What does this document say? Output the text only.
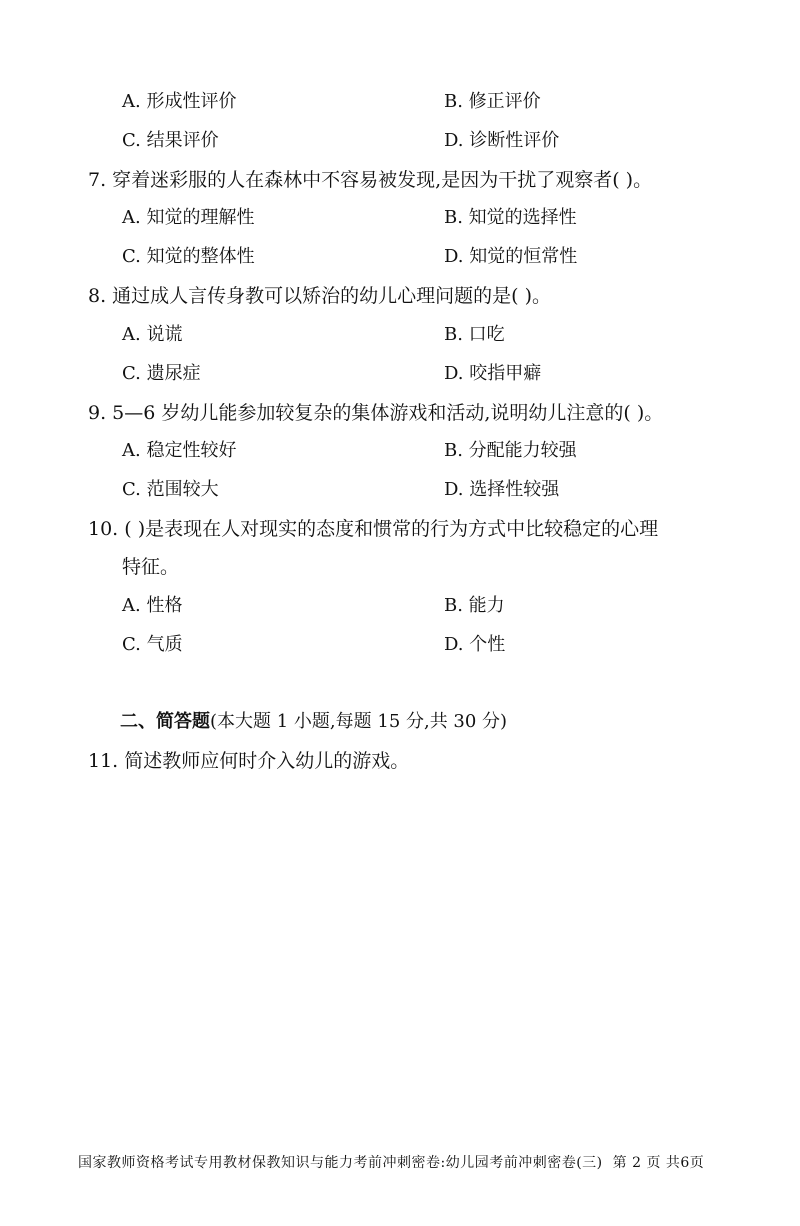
A. 形成性评价	B. 修正评价
C. 结果评价	D. 诊断性评价
7. 穿着迷彩服的人在森林中不容易被发现,是因为干扰了观察者( )。
A. 知觉的理解性	B. 知觉的选择性
C. 知觉的整体性	D. 知觉的恒常性
8. 通过成人言传身教可以矫治的幼儿心理问题的是( )。
A. 说谎	B. 口吃
C. 遗尿症	D. 咬指甲癖
9. 5—6 岁幼儿能参加较复杂的集体游戏和活动,说明幼儿注意的( )。
A. 稳定性较好	B. 分配能力较强
C. 范围较大	D. 选择性较强
10. ( )是表现在人对现实的态度和惯常的行为方式中比较稳定的心理
特征。
A. 性格	B. 能力
C. 气质	D. 个性
二、简答题(本大题 1 小题,每题 15 分,共 30 分)
11. 简述教师应何时介入幼儿的游戏。
国家教师资格考试专用教材保教知识与能力考前冲刺密卷:幼儿园考前冲刺密卷(三) 第 2 页 共6页
